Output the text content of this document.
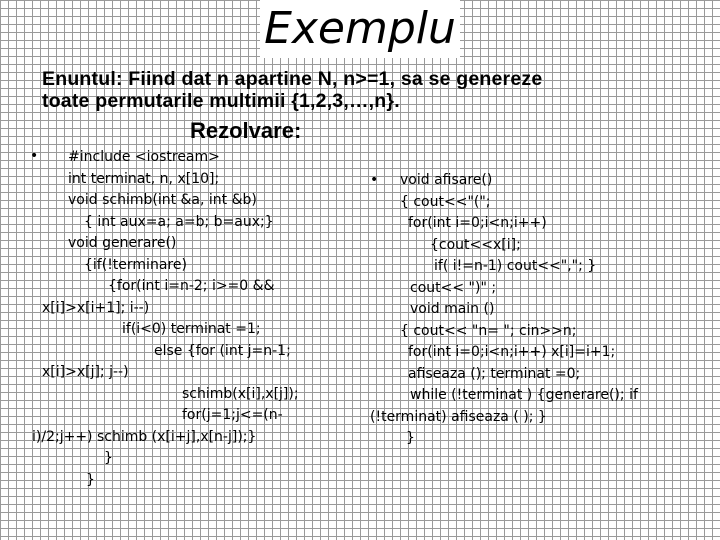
Exemplu
Enuntul: Fiind dat n apartine N, n>=1, sa se genereze
toate permutarile multimii {1,2,3,…,n}.
Rezolvare:
•
•
#include <iostream>
int terminat, n, x[10];
void schimb(int &a, int &b)
{ int aux=a; a=b; b=aux;}
void generare()
{if(!terminare)
{for(int i=n-2; i>=0 &&
x[i]>x[i+1]; i--)
if(i<0) terminat =1;
else {for (int j=n-1;
x[i]>x[j]; j--)
schimb(x[i],x[j]);
for(j=1;j<=(n-
i)/2;j++) schimb (x[i+j],x[n-j]);}
}
}
void afisare()
{ cout<<"(";
for(int i=0;i<n;i++)
{cout<<x[i];
if( i!=n-1) cout<<","; }
cout<< ")" ;
void main ()
{ cout<< "n= "; cin>>n;
for(int i=0;i<n;i++) x[i]=i+1;
afiseaza (); terminat =0;
while (!terminat ) {generare(); if
(!terminat) afiseaza ( ); }
}
